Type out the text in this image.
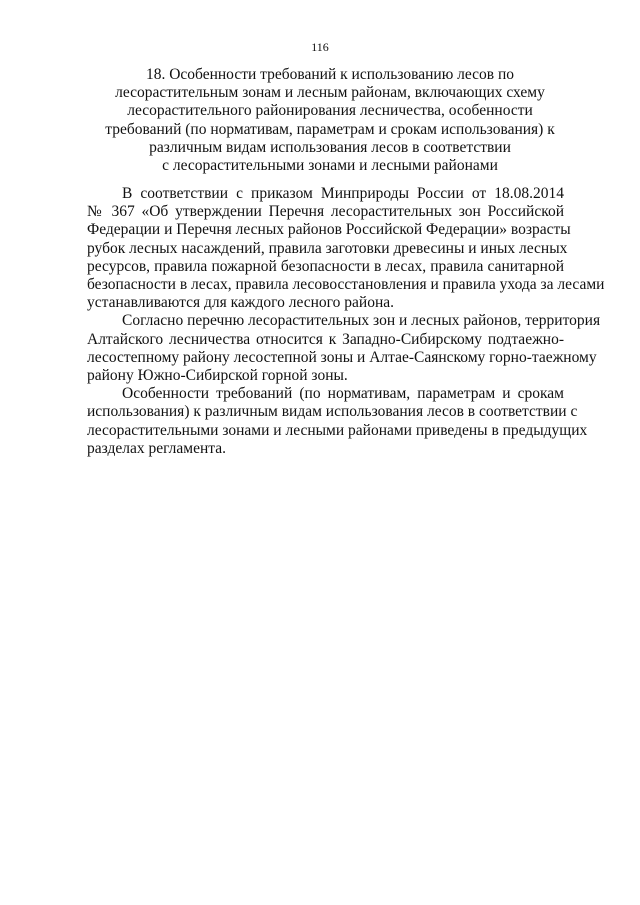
116
18. Особенности требований к использованию лесов по
лесорастительным зонам и лесным районам, включающих схему
лесорастительного районирования лесничества, особенности
требований (по нормативам, параметрам и срокам использования) к
различным видам использования лесов в соответствии
с лесорастительными зонами и лесными районами
В соответствии с приказом Минприроды России от 18.08.2014
№ 367 «Об утверждении Перечня лесорастительных зон Российской
Федерации и Перечня лесных районов Российской Федерации» возрасты
рубок лесных насаждений, правила заготовки древесины и иных лесных
ресурсов, правила пожарной безопасности в лесах, правила санитарной
безопасности в лесах, правила лесовосстановления и правила ухода за лесами
устанавливаются для каждого лесного района.
Согласно перечню лесорастительных зон и лесных районов, территория
Алтайского лесничества относится к Западно-Сибирскому подтаежно-
лесостепному району лесостепной зоны и Алтае-Саянскому горно-таежному
району Южно-Сибирской горной зоны.
Особенности требований (по нормативам, параметрам и срокам
использования) к различным видам использования лесов в соответствии с
лесорастительными зонами и лесными районами приведены в предыдущих
разделах регламента.
